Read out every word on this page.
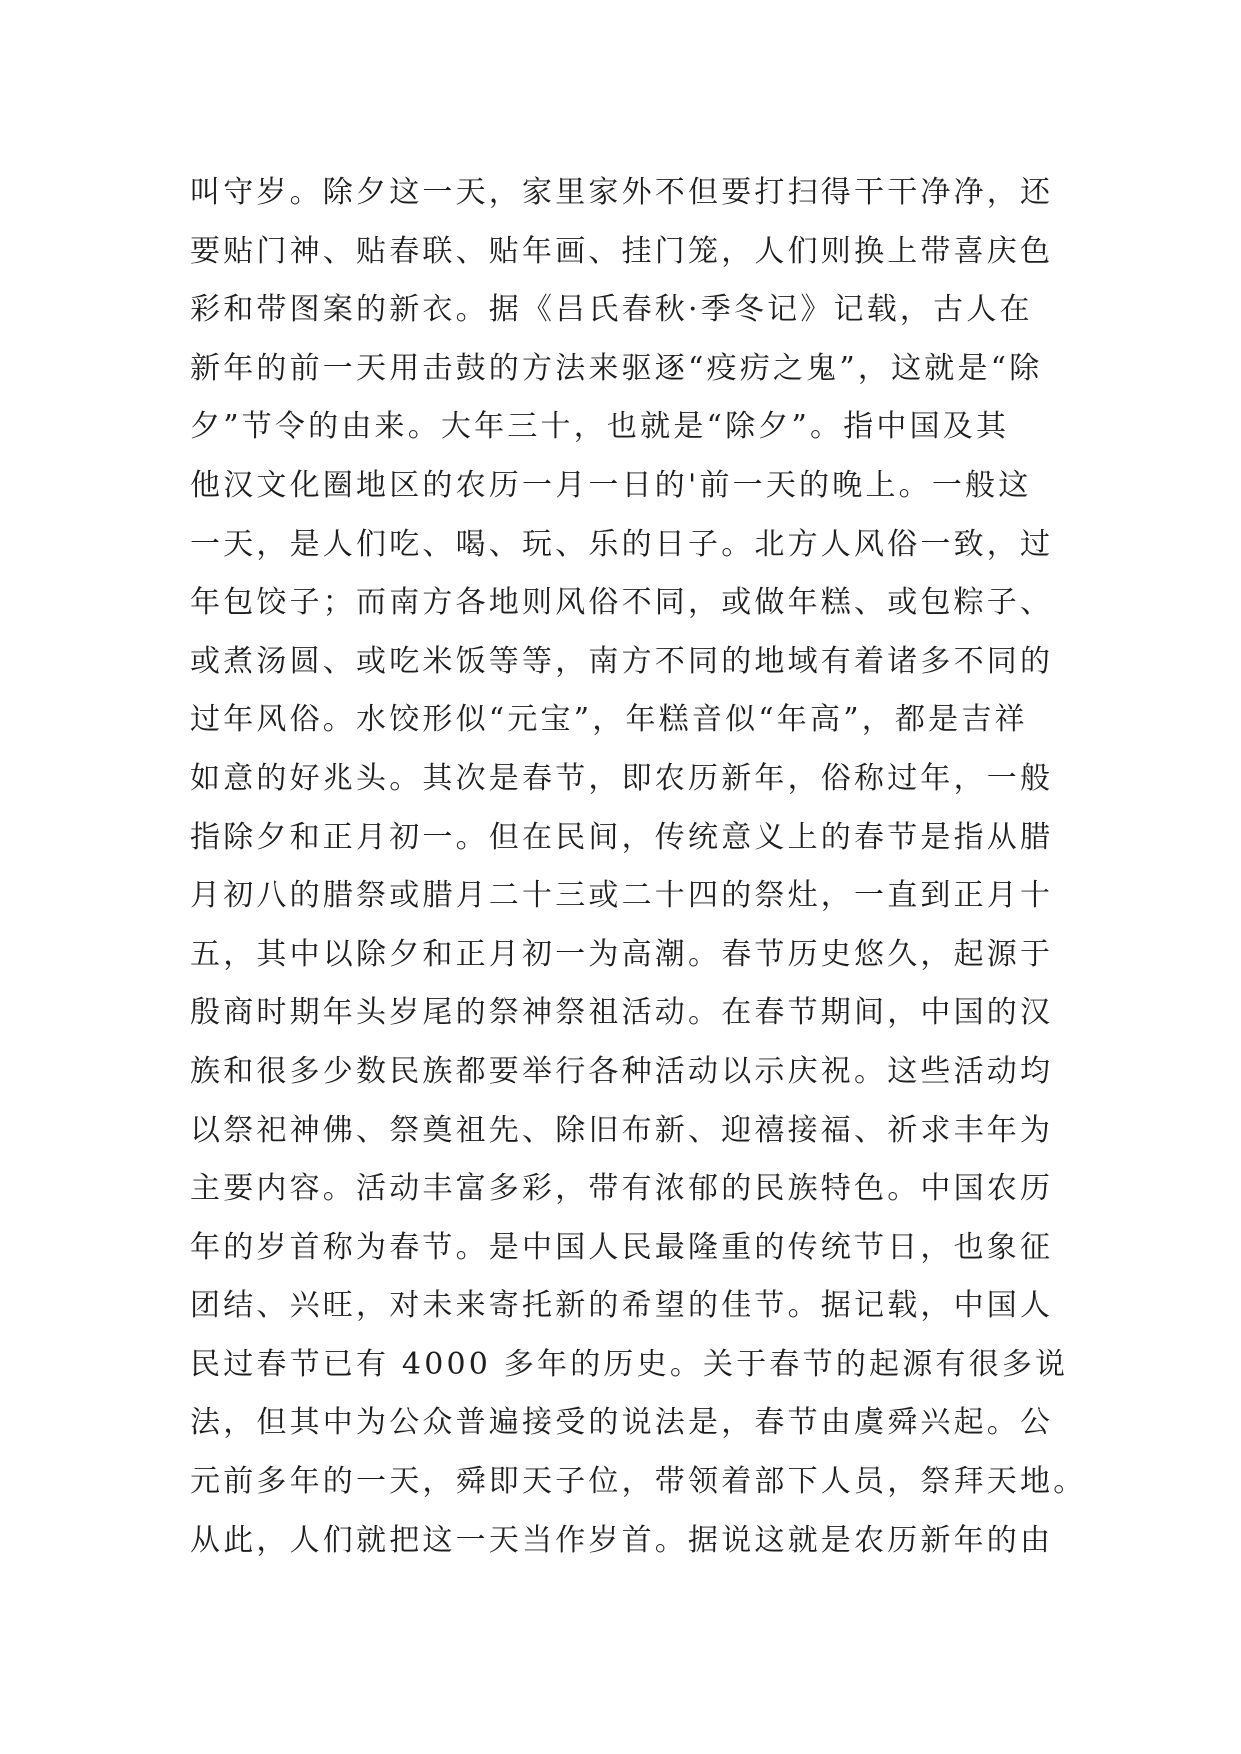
叫守岁。除夕这一天，家里家外不但要打扫得干干净净，还
要贴门神、贴春联、贴年画、挂门笼，人们则换上带喜庆色
彩和带图案的新衣。据《吕氏春秋·季冬记》记载，古人在
新年的前一天用击鼓的方法来驱逐“疫疠之鬼”，这就是“除
夕”节令的由来。大年三十，也就是“除夕”。指中国及其
他汉文化圈地区的农历一月一日的'前一天的晚上。一般这
一天，是人们吃、喝、玩、乐的日子。北方人风俗一致，过
年包饺子；而南方各地则风俗不同，或做年糕、或包粽子、
或煮汤圆、或吃米饭等等，南方不同的地域有着诸多不同的
过年风俗。水饺形似“元宝”，年糕音似“年高”，都是吉祥
如意的好兆头。其次是春节，即农历新年，俗称过年，一般
指除夕和正月初一。但在民间，传统意义上的春节是指从腊
月初八的腊祭或腊月二十三或二十四的祭灶，一直到正月十
五，其中以除夕和正月初一为高潮。春节历史悠久，起源于
殷商时期年头岁尾的祭神祭祖活动。在春节期间，中国的汉
族和很多少数民族都要举行各种活动以示庆祝。这些活动均
以祭祀神佛、祭奠祖先、除旧布新、迎禧接福、祈求丰年为
主要内容。活动丰富多彩，带有浓郁的民族特色。中国农历
年的岁首称为春节。是中国人民最隆重的传统节日，也象征
团结、兴旺，对未来寄托新的希望的佳节。据记载，中国人
民过春节已有 4000 多年的历史。关于春节的起源有很多说
法，但其中为公众普遍接受的说法是，春节由虞舜兴起。公
元前多年的一天，舜即天子位，带领着部下人员，祭拜天地。
从此，人们就把这一天当作岁首。据说这就是农历新年的由
